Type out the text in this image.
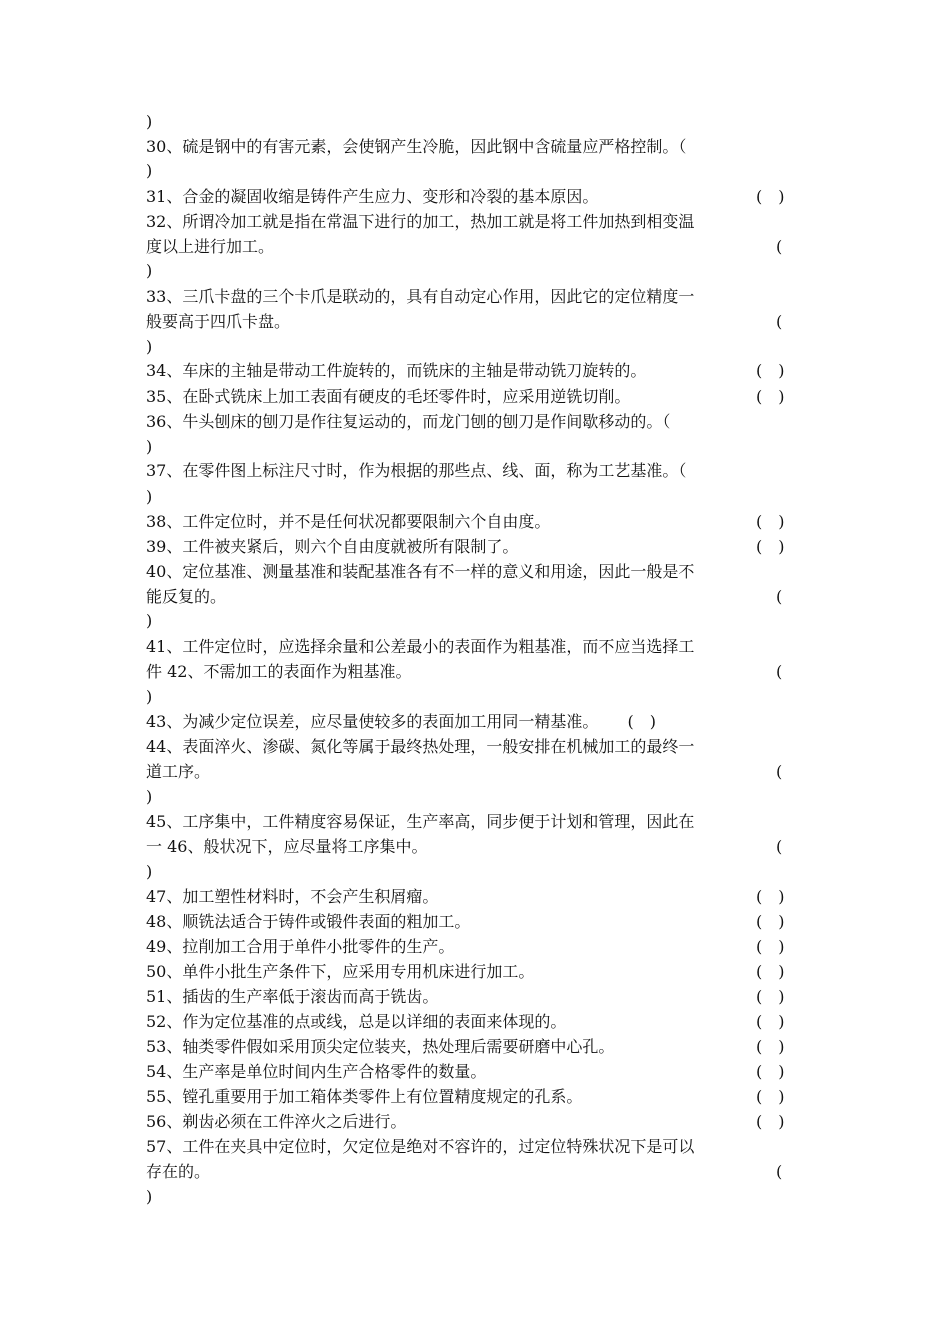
)
30、硫是钢中的有害元素，会使钢产生冷脆，因此钢中含硫量应严格控制。（
)
31、合金的凝固收缩是铸件产生应力、变形和冷裂的基本原因。	(　)
32、所谓冷加工就是指在常温下进行的加工，热加工就是将工件加热到相变温
度以上进行加工。	(
)
33、三爪卡盘的三个卡爪是联动的，具有自动定心作用，因此它的定位精度一
般要高于四爪卡盘。	(
)
34、车床的主轴是带动工件旋转的，而铣床的主轴是带动铣刀旋转的。	(　)
35、在卧式铣床上加工表面有硬皮的毛坯零件时，应采用逆铣切削。	(　)
36、牛头刨床的刨刀是作往复运动的，而龙门刨的刨刀是作间歇移动的。（
)
37、在零件图上标注尺寸时，作为根据的那些点、线、面，称为工艺基准。（
)
38、工件定位时，并不是任何状况都要限制六个自由度。	(　)
39、工件被夹紧后，则六个自由度就被所有限制了。	(　)
40、定位基准、测量基准和装配基准各有不一样的意义和用途，因此一般是不
能反复的。	(
)
41、工件定位时，应选择余量和公差最小的表面作为粗基准，而不应当选择工
件 42、不需加工的表面作为粗基准。	(
)
43、为减少定位误差，应尽量使较多的表面加工用同一精基准。　　 (　)
44、表面淬火、渗碳、氮化等属于最终热处理，一般安排在机械加工的最终一
道工序。	(
)
45、工序集中，工件精度容易保证，生产率高，同步便于计划和管理，因此在
一 46、般状况下，应尽量将工序集中。	(
)
47、加工塑性材料时，不会产生积屑瘤。	(　)
48、顺铣法适合于铸件或锻件表面的粗加工。	(　)
49、拉削加工合用于单件小批零件的生产。	(　)
50、单件小批生产条件下，应采用专用机床进行加工。	(　)
51、插齿的生产率低于滚齿而高于铣齿。	(　)
52、作为定位基准的点或线，总是以详细的表面来体现的。	(　)
53、轴类零件假如采用顶尖定位装夹，热处理后需要研磨中心孔。	(　)
54、生产率是单位时间内生产合格零件的数量。	(　)
55、镗孔重要用于加工箱体类零件上有位置精度规定的孔系。	(　)
56、剃齿必须在工件淬火之后进行。	(　)
57、工件在夹具中定位时，欠定位是绝对不容许的，过定位特殊状况下是可以
存在的。	(
)
